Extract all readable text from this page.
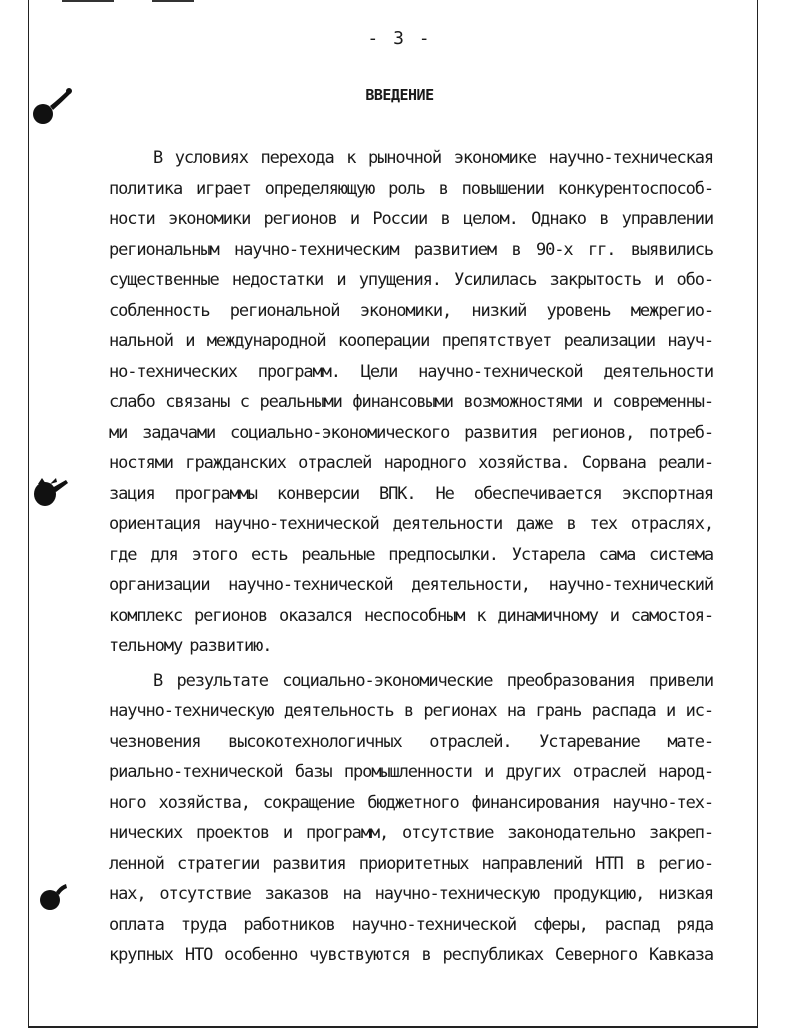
- 3 -
ВВЕДЕНИЕ
В условиях перехода к рыночной экономике научно-техническая
политика играет определяющую роль в повышении конкурентоспособ-
ности экономики регионов и России в целом. Однако в управлении
региональным научно-техническим развитием в 90-х гг. выявились
существенные недостатки и упущения. Усилилась закрытость и обо-
собленность региональной экономики, низкий уровень межрегио-
нальной и международной кооперации препятствует реализации науч-
но-технических программ. Цели научно-технической деятельности
слабо связаны с реальными финансовыми возможностями и современны-
ми задачами социально-экономического развития регионов, потреб-
ностями гражданских отраслей народного хозяйства. Сорвана реали-
зация программы конверсии ВПК. Не обеспечивается экспортная
ориентация научно-технической деятельности даже в тех отраслях,
где для этого есть реальные предпосылки. Устарела сама система
организации научно-технической деятельности, научно-технический
комплекс регионов оказался неспособным к динамичному и самостоя-
тельному развитию.
В результате социально-экономические преобразования привели
научно-техническую деятельность в регионах на грань распада и ис-
чезновения высокотехнологичных отраслей. Устаревание мате-
риально-технической базы промышленности и других отраслей народ-
ного хозяйства, сокращение бюджетного финансирования научно-тех-
нических проектов и программ, отсутствие законодательно закреп-
ленной стратегии развития приоритетных направлений НТП в регио-
нах, отсутствие заказов на научно-техническую продукцию, низкая
оплата труда работников научно-технической сферы, распад ряда
крупных НТО особенно чувствуются в республиках Северного Кавказа
